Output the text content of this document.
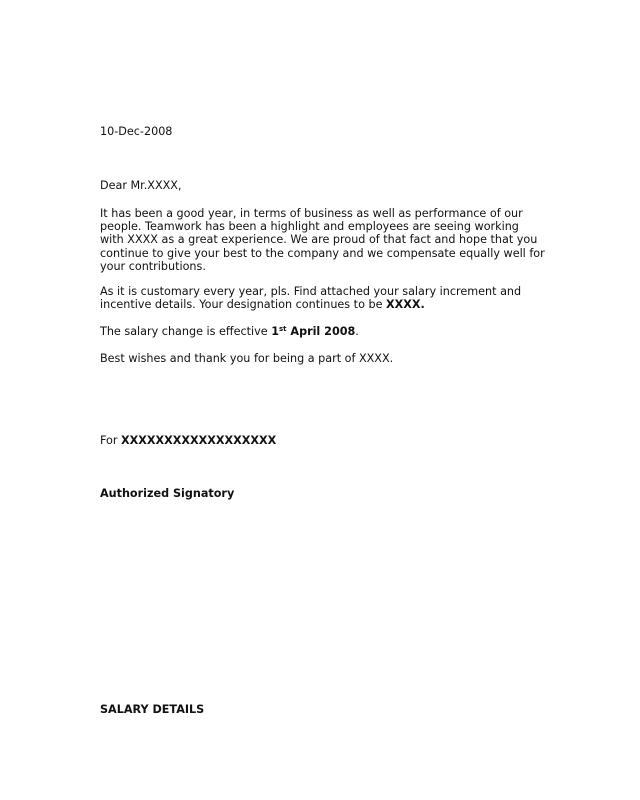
10-Dec-2008
Dear Mr.XXXX,
It has been a good year, in terms of business as well as performance of our people. Teamwork has been a highlight and employees are seeing working with XXXX as a great experience. We are proud of that fact and hope that you continue to give your best to the company and we compensate equally well for your contributions.
As it is customary every year, pls. Find attached your salary increment and incentive details. Your designation continues to be XXXX.
The salary change is effective 1st April 2008.
Best wishes and thank you for being a part of XXXX.
For XXXXXXXXXXXXXXXXXX
Authorized Signatory
SALARY DETAILS
